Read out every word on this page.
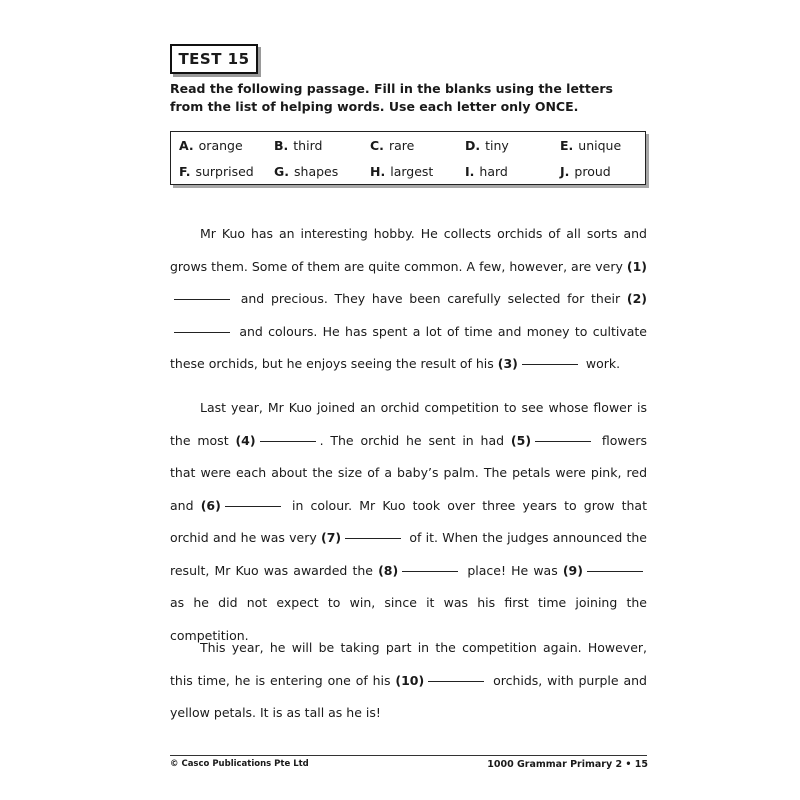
TEST 15
Read the following passage. Fill in the blanks using the letters from the list of helping words. Use each letter only ONCE.
A. orange	B. third	C. rare	D. tiny	E. unique
F. surprised	G. shapes	H. largest	I. hard	J. proud
Mr Kuo has an interesting hobby. He collects orchids of all sorts and grows them. Some of them are quite common. A few, however, are very (1) and precious. They have been carefully selected for their (2) and colours. He has spent a lot of time and money to cultivate these orchids, but he enjoys seeing the result of his (3)	work.
Last year, Mr Kuo joined an orchid competition to see whose flower is the most (4)	. The orchid he sent in had (5)	flowers that were each about the size of a baby’s palm. The petals were pink, red and (6)	in colour. Mr Kuo took over three years to grow that orchid and he was very (7)	of it. When the judges announced the result, Mr Kuo was awarded the (8)	place! He was (9) as he did not expect to win, since it was his first time joining the competition.
This year, he will be taking part in the competition again. However, this time, he is entering one of his (10)	orchids, with purple and yellow petals. It is as tall as he is!
© Casco Publications Pte Ltd	1000 Grammar Primary 2 • 15
